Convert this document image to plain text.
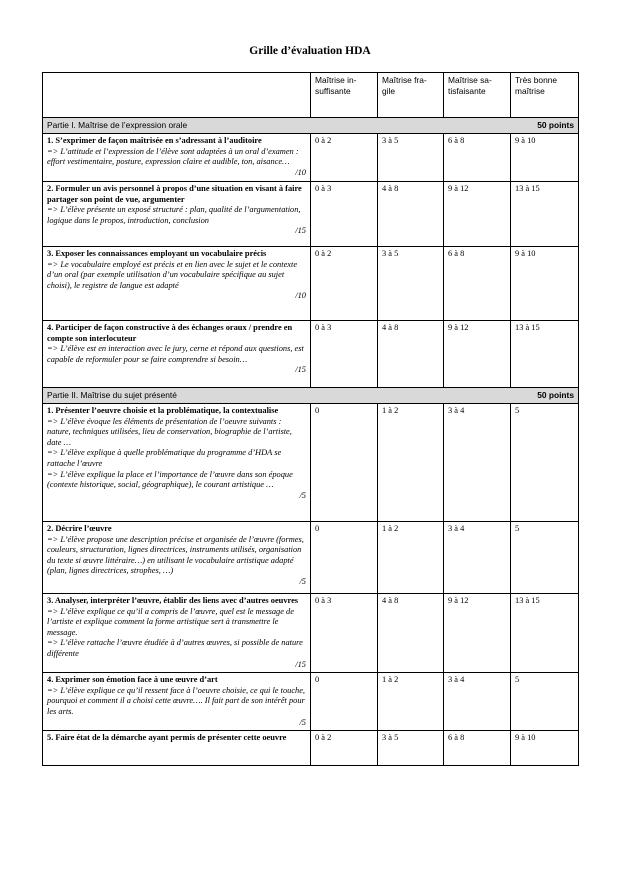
Grille d’évaluation HDA
	Maîtrise in-suffisante	Maîtrise fra-gile	Maîtrise sa-tisfaisante	Très bonne maîtrise

50 points
Partie I. Maîtrise de l’expression orale				

1. S’exprimer de façon maîtrisée en s’adressant à l’auditoire
=> L’attitude et l’expression de l’élève sont adaptées à un oral d’examen : effort vestimentaire, posture, expression claire et audible, ton, aisance…
/10	0 à 2	3 à 5	6 à 8	9 à 10

2. Formuler un avis personnel à propos d’une situation en visant à faire partager son point de vue, argumenter
=> L’élève présente un exposé structuré : plan, qualité de l’argumentation, logique dans le propos, introduction, conclusion
/15	0 à 3	4 à 8	9 à 12	13 à 15

3. Exposer les connaissances employant un vocabulaire précis
=> Le vocabulaire employé est précis et en lien avec le sujet et le contexte d’un oral (par exemple utilisation d’un vocabulaire spécifique au sujet choisi), le registre de langue est adapté
/10	0 à 2	3 à 5	6 à 8	9 à 10

4. Participer de façon constructive à des échanges oraux / prendre en compte son interlocuteur
=> L’élève est en interaction avec le jury, cerne et répond aux questions, est capable de reformuler pour se faire comprendre si besoin…
/15	0 à 3	4 à 8	9 à 12	13 à 15

50 points
Partie II. Maîtrise du sujet présenté				

1. Présenter l’oeuvre choisie et la problématique, la contextualise
=> L’élève évoque les éléments de présentation de l’oeuvre suivants : nature, techniques utilisées, lieu de conservation, biographie de l’artiste, date …
=> L’élève explique à quelle problématique du programme d’HDA se rattache l’œuvre
=> L’élève explique la place et l’importance de l’œuvre dans son époque (contexte historique, social, géographique), le courant artistique …
/5	0	1 à 2	3 à 4	5

2. Décrire l’œuvre
=> L’élève propose une description précise et organisée de l’œuvre (formes, couleurs, structuration, lignes directrices, instruments utilisés, organisation du texte si œuvre littéraire…) en utilisant le vocabulaire artistique adapté (plan, lignes directrices, strophes, …)
/5	0	1 à 2	3 à 4	5

3. Analyser, interpréter l’œuvre, établir des liens avec d’autres oeuvres
=> L’élève explique ce qu’il a compris de l’œuvre, quel est le message de l’artiste et explique comment la forme artistique sert à transmettre le message.
=> L’élève rattache l’œuvre étudiée à d’autres œuvres, si possible de nature différente
/15	0 à 3	4 à 8	9 à 12	13 à 15

4. Exprimer son émotion face à une œuvre d’art
=> L’élève explique ce qu’il ressent face à l’oeuvre choisie, ce qui le touche, pourquoi et comment il a choisi cette œuvre…. Il fait part de son intérêt pour les arts.
/5	0	1 à 2	3 à 4	5

5. Faire état de la démarche ayant permis de présenter cette oeuvre	0 à 2	3 à 5	6 à 8	9 à 10
